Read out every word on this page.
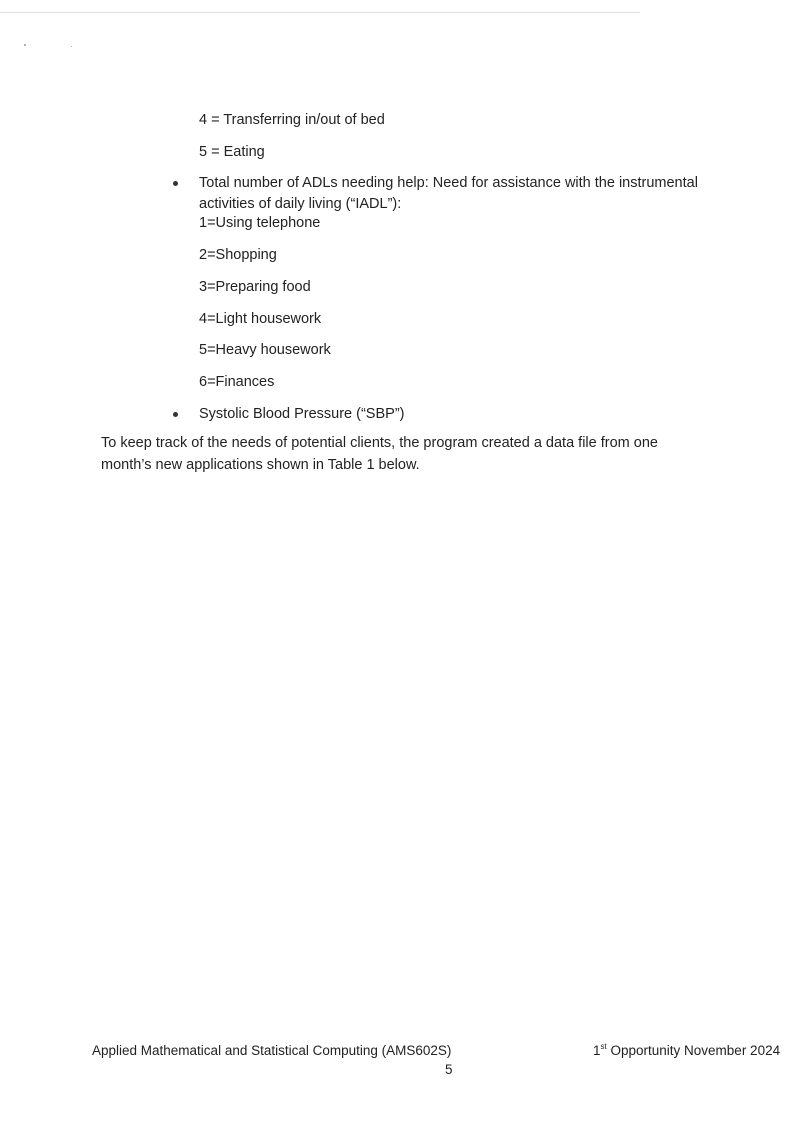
4 = Transferring in/out of bed
5 = Eating
Total number of ADLs needing help: Need for assistance with the instrumental
activities of daily living (“IADL”):
1=Using telephone
2=Shopping
3=Preparing food
4=Light housework
5=Heavy housework
6=Finances
Systolic Blood Pressure (“SBP”)
To keep track of the needs of potential clients, the program created a data file from one
month’s new applications shown in Table 1 below.
Applied Mathematical and Statistical Computing (AMS602S)	1st Opportunity November 2024
5
